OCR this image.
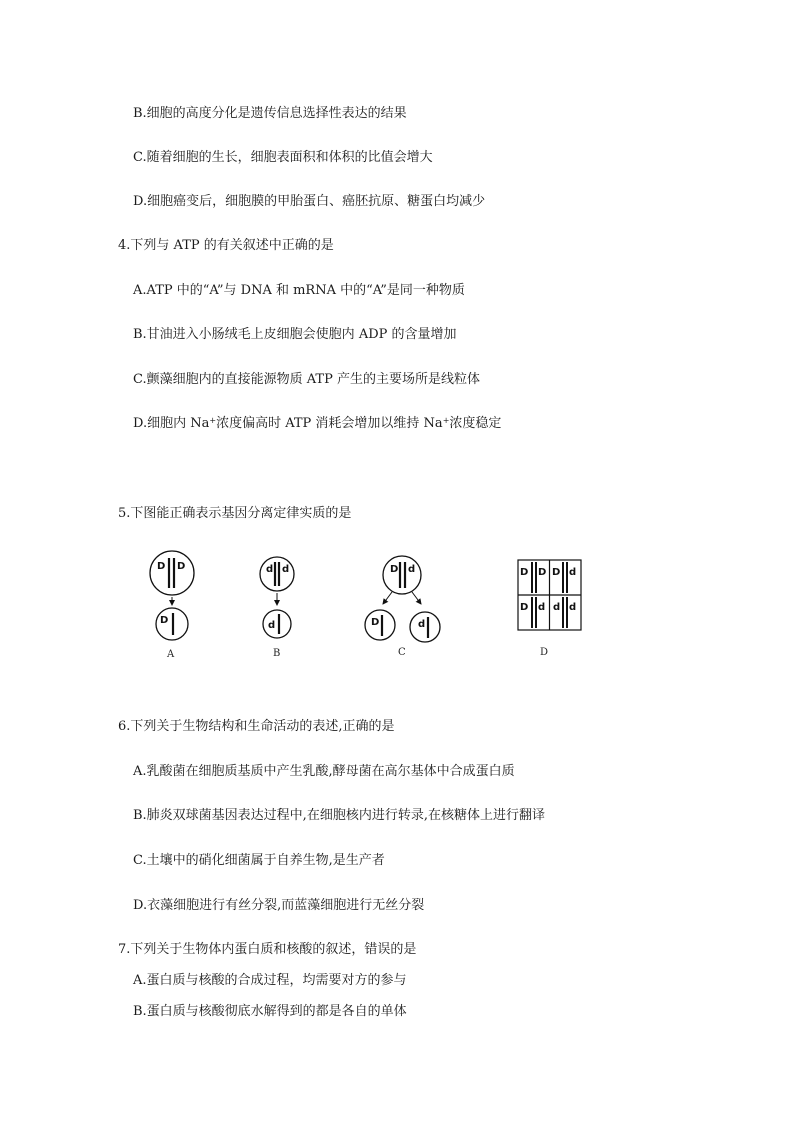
B.细胞的高度分化是遗传信息选择性表达的结果
C.随着细胞的生长，细胞表面积和体积的比值会增大
D.细胞癌变后，细胞膜的甲胎蛋白、癌胚抗原、糖蛋白均减少
4.下列与 ATP 的有关叙述中正确的是
A.ATP 中的“A”与 DNA 和 mRNA 中的“A”是同一种物质
B.甘油进入小肠绒毛上皮细胞会使胞内 ADP 的含量增加
C.颤藻细胞内的直接能源物质 ATP 产生的主要场所是线粒体
D.细胞内 Na+浓度偏高时 ATP 消耗会增加以维持 Na+浓度稳定
5.下图能正确表示基因分离定律实质的是
D D
D
A
d d
d
B
D d
D	d
C
D D D d
D d d d
D
6.下列关于生物结构和生命活动的表述,正确的是
A.乳酸菌在细胞质基质中产生乳酸,酵母菌在高尔基体中合成蛋白质
B.肺炎双球菌基因表达过程中,在细胞核内进行转录,在核糖体上进行翻译
C.土壤中的硝化细菌属于自养生物,是生产者
D.衣藻细胞进行有丝分裂,而蓝藻细胞进行无丝分裂
7.下列关于生物体内蛋白质和核酸的叙述，错误的是
A.蛋白质与核酸的合成过程，均需要对方的参与
B.蛋白质与核酸彻底水解得到的都是各自的单体
